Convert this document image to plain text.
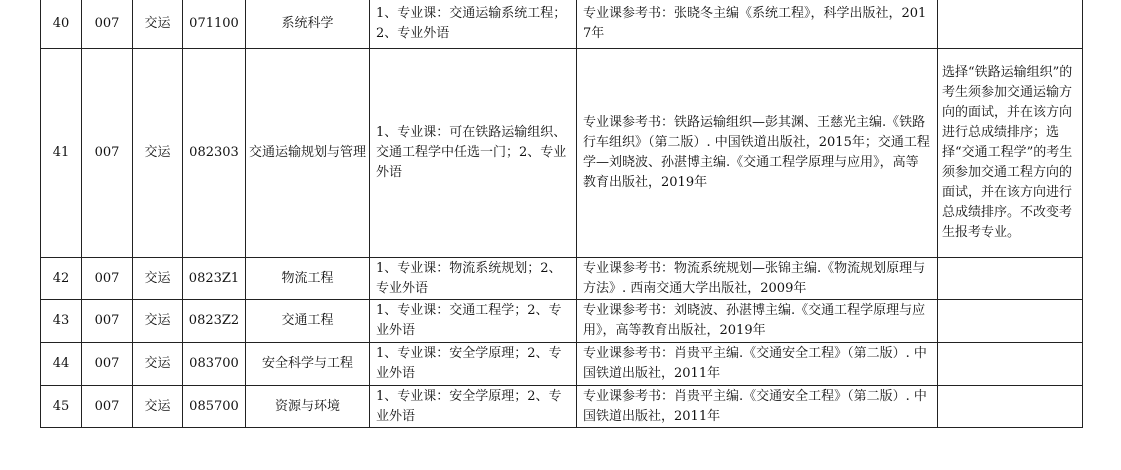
40	007	交运	071100	系统科学	1、专业课：交通运输系统工程；2、专业外语	专业课参考书：张晓冬主编《系统工程》，科学出版社，2017年	
41	007	交运	082303	交通运输规划与管理	1、专业课：可在铁路运输组织、交通工程学中任选一门；2、专业外语	专业课参考书：铁路运输组织—彭其渊、王慈光主编.《铁路行车组织》（第二版）. 中国铁道出版社，2015年；交通工程学—刘晓波、孙湛博主编.《交通工程学原理与应用》，高等教育出版社，2019年	选择“铁路运输组织”的考生须参加交通运输方向的面试，并在该方向进行总成绩排序；选择“交通工程学”的考生须参加交通工程方向的面试，并在该方向进行总成绩排序。不改变考生报考专业。
42	007	交运	0823Z1	物流工程	1、专业课：物流系统规划；2、专业外语	专业课参考书：物流系统规划—张锦主编.《物流规划原理与方法》. 西南交通大学出版社，2009年	
43	007	交运	0823Z2	交通工程	1、专业课：交通工程学；2、专业外语	专业课参考书：刘晓波、孙湛博主编.《交通工程学原理与应用》，高等教育出版社，2019年	
44	007	交运	083700	安全科学与工程	1、专业课：安全学原理；2、专业外语	专业课参考书：肖贵平主编.《交通安全工程》（第二版）. 中国铁道出版社，2011年	
45	007	交运	085700	资源与环境	1、专业课：安全学原理；2、专业外语	专业课参考书：肖贵平主编.《交通安全工程》（第二版）. 中国铁道出版社，2011年	
